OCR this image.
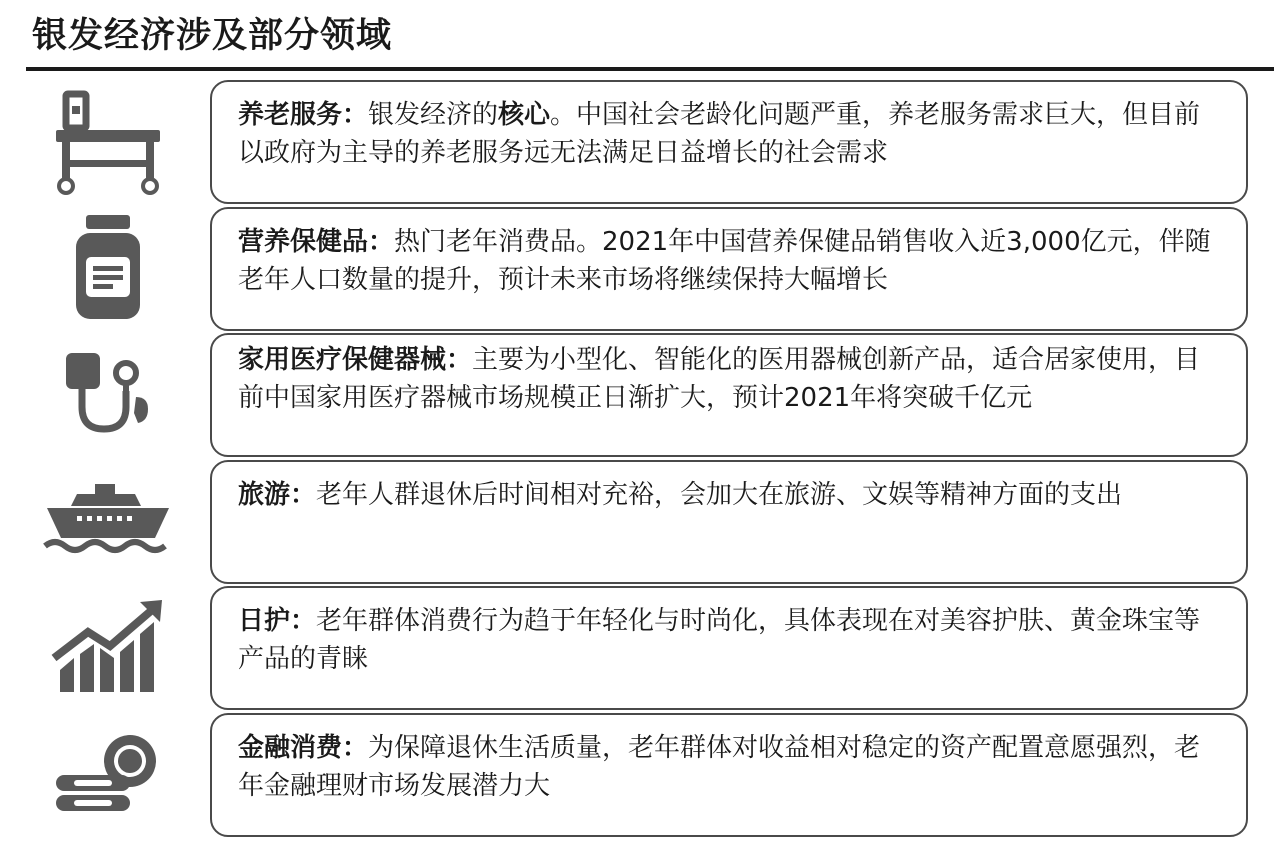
银发经济涉及部分领域
养老服务：银发经济的核心。中国社会老龄化问题严重，养老服务需求巨大，但目前以政府为主导的养老服务远无法满足日益增长的社会需求
营养保健品：热门老年消费品。2021年中国营养保健品销售收入近3,000亿元，伴随老年人口数量的提升，预计未来市场将继续保持大幅增长
家用医疗保健器械：主要为小型化、智能化的医用器械创新产品，适合居家使用，目前中国家用医疗器械市场规模正日渐扩大，预计2021年将突破千亿元
旅游：老年人群退休后时间相对充裕，会加大在旅游、文娱等精神方面的支出
日护：老年群体消费行为趋于年轻化与时尚化，具体表现在对美容护肤、黄金珠宝等产品的青睐
金融消费：为保障退休生活质量，老年群体对收益相对稳定的资产配置意愿强烈，老年金融理财市场发展潜力大
